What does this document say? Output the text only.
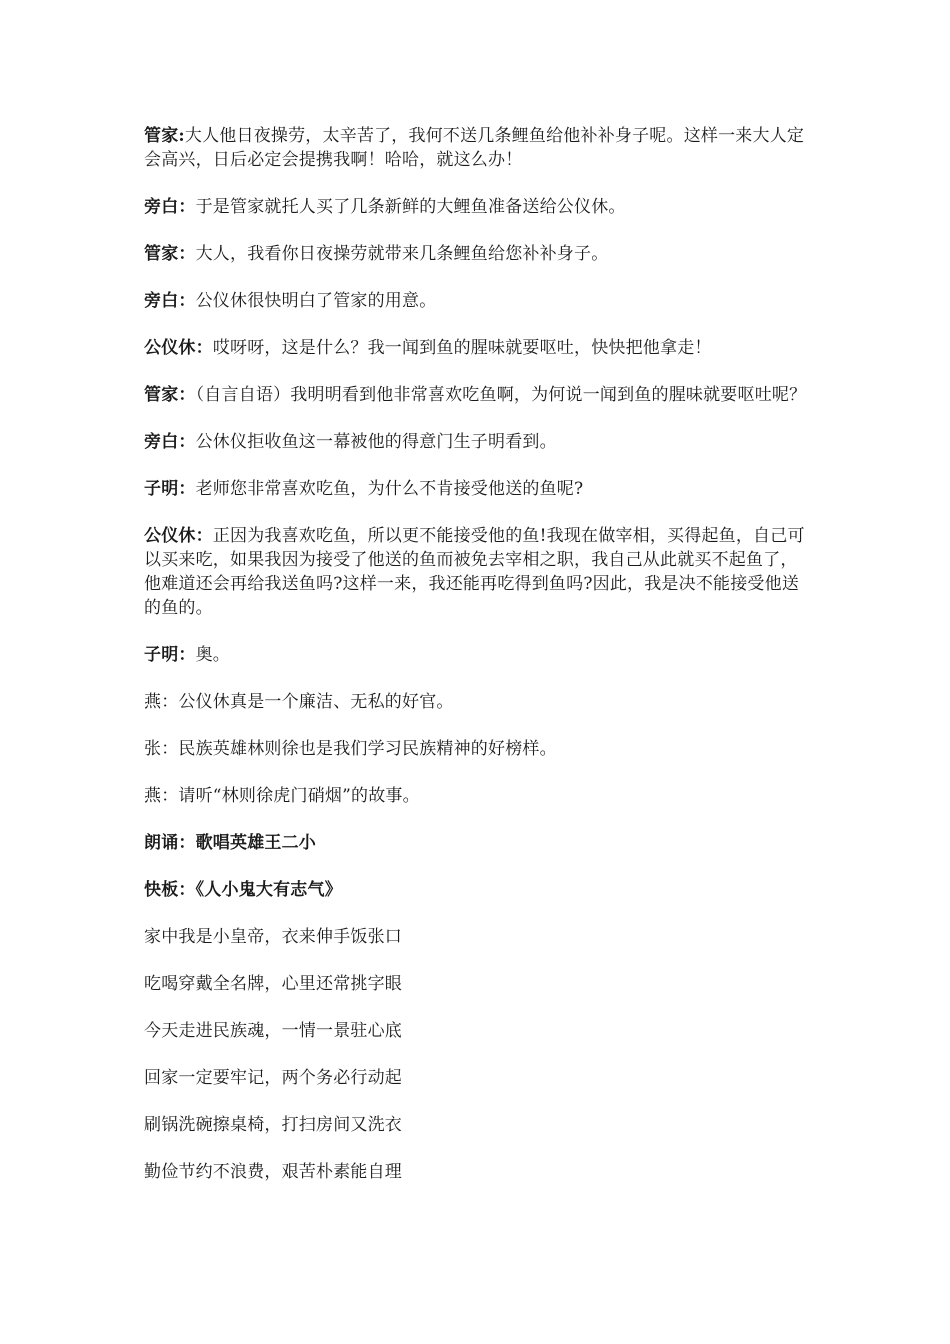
管家:大人他日夜操劳，太辛苦了，我何不送几条鲤鱼给他补补身子呢。这样一来大人定会高兴，日后必定会提携我啊！哈哈，就这么办！

旁白：于是管家就托人买了几条新鲜的大鲤鱼准备送给公仪休。

管家：大人，我看你日夜操劳就带来几条鲤鱼给您补补身子。

旁白：公仪休很快明白了管家的用意。

公仪休：哎呀呀，这是什么？我一闻到鱼的腥味就要呕吐，快快把他拿走！

管家：（自言自语）我明明看到他非常喜欢吃鱼啊，为何说一闻到鱼的腥味就要呕吐呢？

旁白：公休仪拒收鱼这一幕被他的得意门生子明看到。

子明：老师您非常喜欢吃鱼，为什么不肯接受他送的鱼呢?

公仪休：正因为我喜欢吃鱼，所以更不能接受他的鱼!我现在做宰相，买得起鱼，自己可以买来吃，如果我因为接受了他送的鱼而被免去宰相之职，我自己从此就买不起鱼了，他难道还会再给我送鱼吗?这样一来，我还能再吃得到鱼吗?因此，我是决不能接受他送的鱼的。

子明：奥。

燕：公仪休真是一个廉洁、无私的好官。

张：民族英雄林则徐也是我们学习民族精神的好榜样。

燕：请听“林则徐虎门硝烟”的故事。

朗诵：歌唱英雄王二小

快板：《人小鬼大有志气》

家中我是小皇帝，衣来伸手饭张口

吃喝穿戴全名牌，心里还常挑字眼

今天走进民族魂，一情一景驻心底

回家一定要牢记，两个务必行动起

刷锅洗碗擦桌椅，打扫房间又洗衣

勤俭节约不浪费，艰苦朴素能自理
